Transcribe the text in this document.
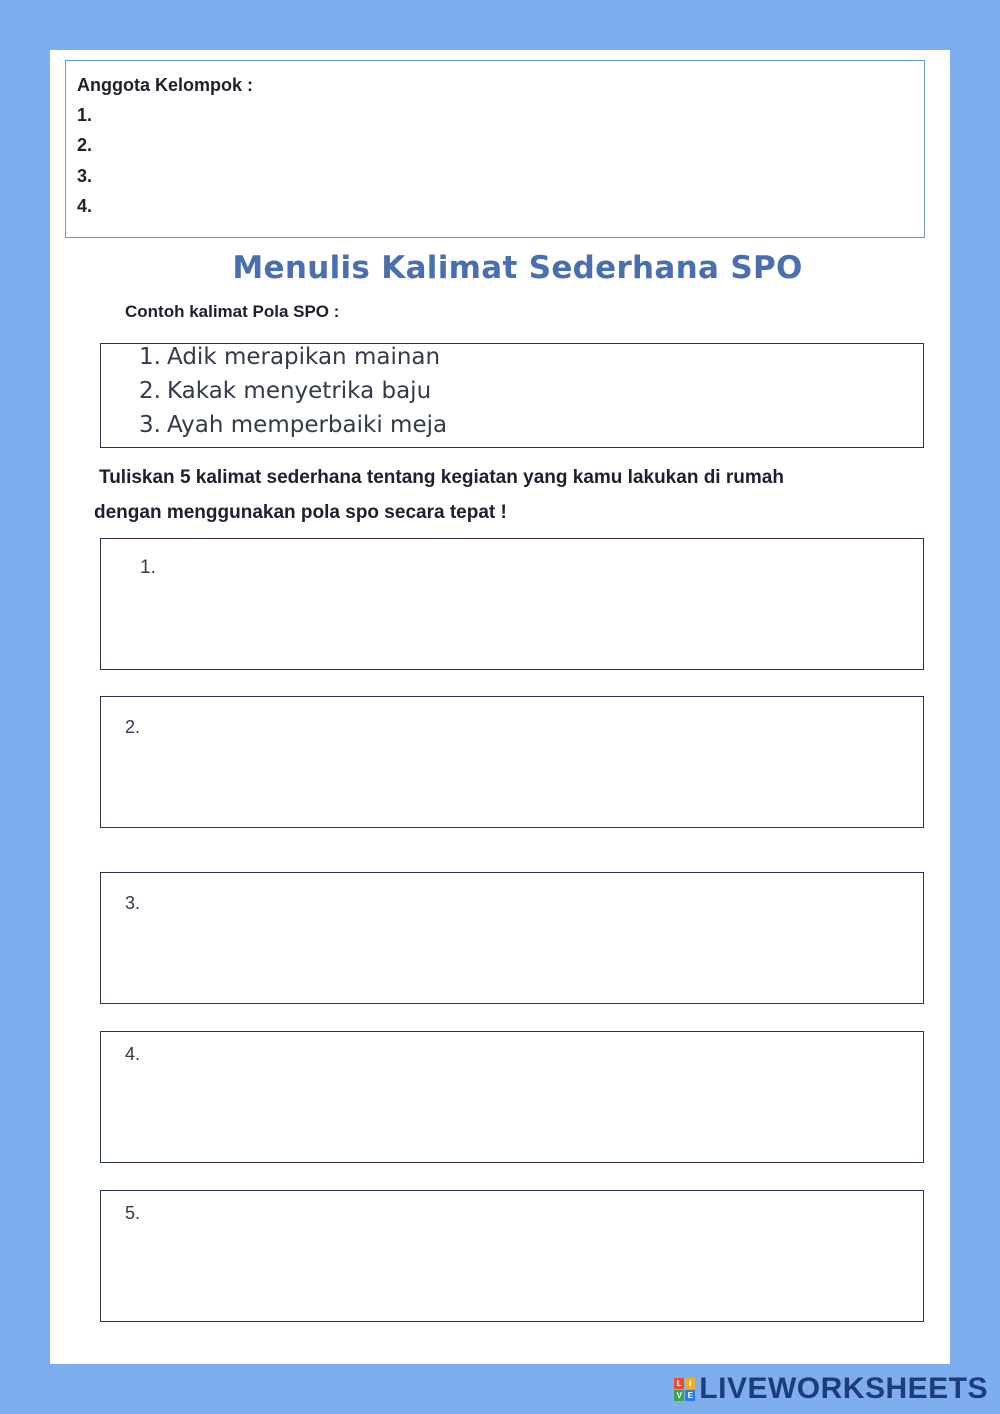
Anggota Kelompok :
1.
2.
3.
4.
Menulis Kalimat Sederhana SPO
Contoh kalimat Pola SPO :
1. Adik merapikan mainan
2. Kakak menyetrika baju
3. Ayah memperbaiki meja
Tuliskan 5 kalimat sederhana tentang kegiatan yang kamu lakukan di rumah
dengan menggunakan pola spo secara tepat !
1.
2.
3.
4.
5.
L I
V E LIVEWORKSHEETS
